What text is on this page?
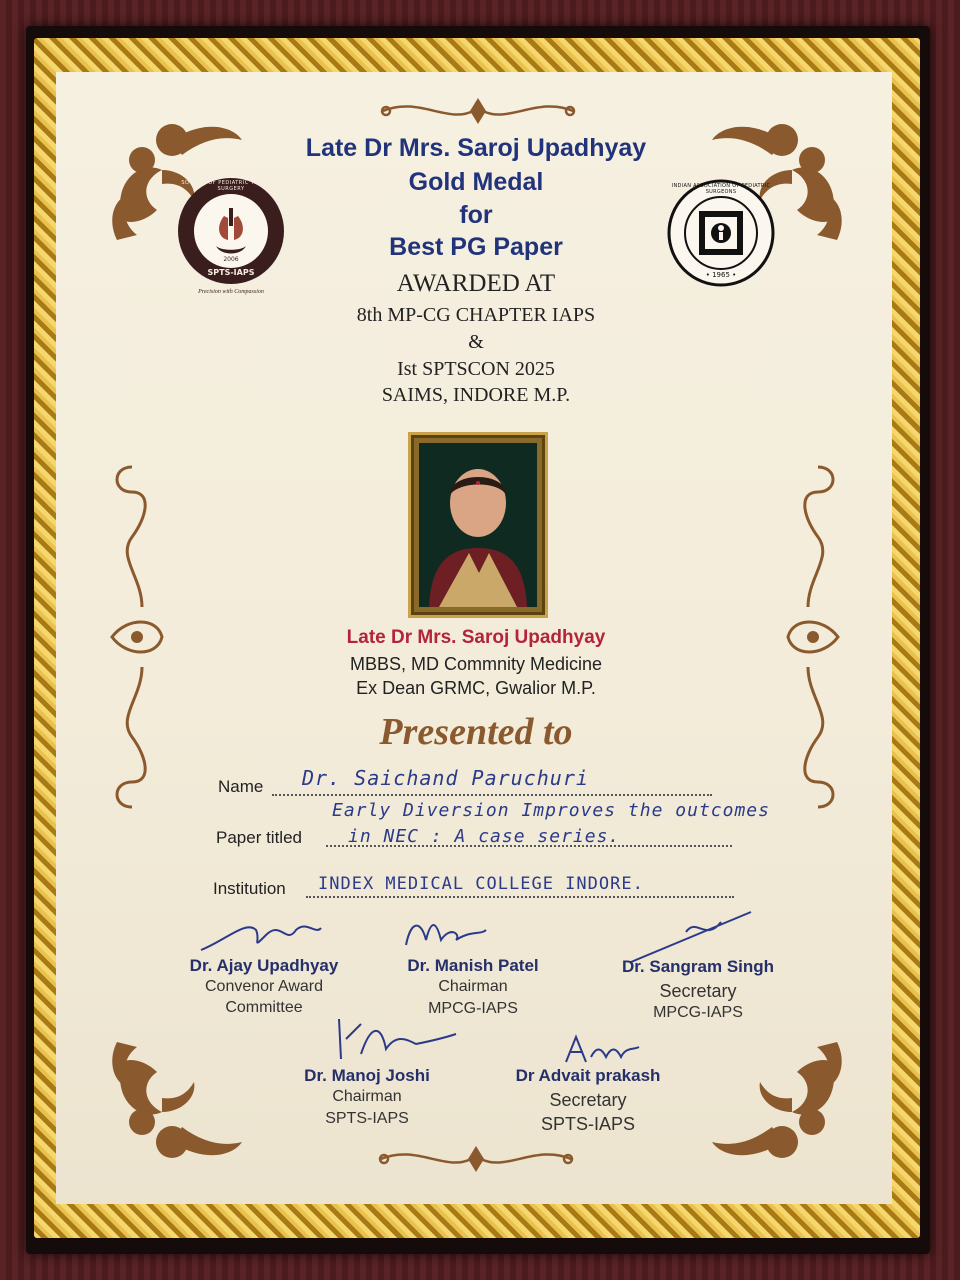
SOCIETY OF PEDIATRIC THORACIC SURGERY
2006
SPTS-IAPS
Precision with Compassion
INDIAN ASSOCIATION OF PEDIATRIC SURGEONS
• 1965 •
Late Dr Mrs. Saroj Upadhyay
Gold Medal
for
Best PG Paper
AWARDED AT
8th MP-CG CHAPTER IAPS
&
Ist SPTSCON 2025
SAIMS, INDORE M.P.
Late Dr Mrs. Saroj Upadhyay
MBBS, MD Commnity Medicine
Ex Dean GRMC, Gwalior M.P.
Presented to
Name Dr. Saichand Paruchuri
Early Diversion Improves the outcomes
Paper titled	in NEC : A case series.
Institution INDEX MEDICAL COLLEGE INDORE.
Dr. Ajay Upadhyay
Convenor Award
Committee
Dr. Manish Patel
Chairman
MPCG-IAPS
Dr. Sangram Singh
Secretary
MPCG-IAPS
Dr. Manoj Joshi
Chairman
SPTS-IAPS
Dr Advait prakash
Secretary
SPTS-IAPS
